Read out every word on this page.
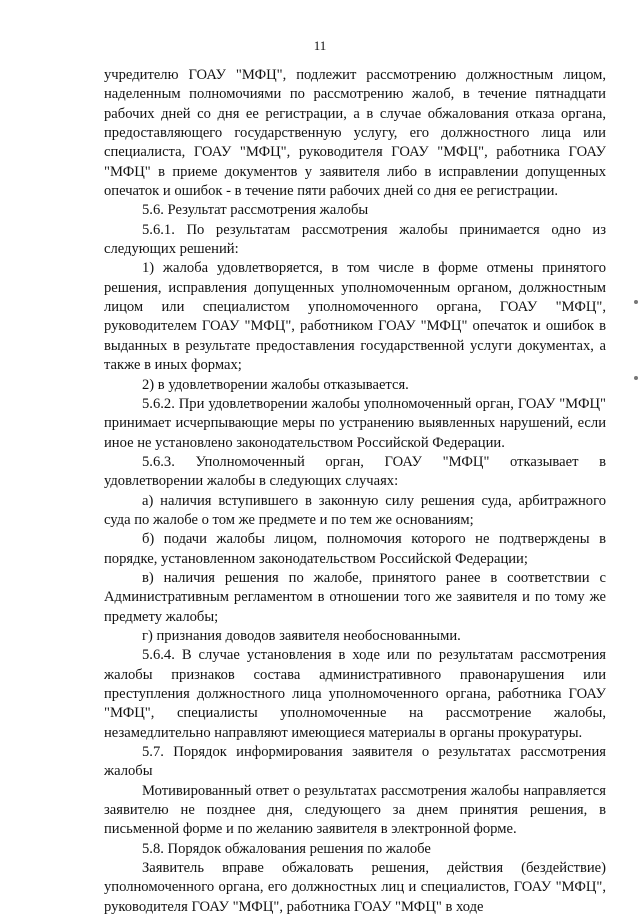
11

учредителю ГОАУ "МФЦ", подлежит рассмотрению должностным лицом, наделенным полномочиями по рассмотрению жалоб, в течение пятнадцати рабочих дней со дня ее регистрации, а в случае обжалования отказа органа, предоставляющего государственную услугу, его должностного лица или специалиста, ГОАУ "МФЦ", руководителя ГОАУ "МФЦ", работника ГОАУ "МФЦ" в приеме документов у заявителя либо в исправлении допущенных опечаток и ошибок - в течение пяти рабочих дней со дня ее регистрации.

5.6. Результат рассмотрения жалобы

5.6.1. По результатам рассмотрения жалобы принимается одно из следующих решений:

1) жалоба удовлетворяется, в том числе в форме отмены принятого решения, исправления допущенных уполномоченным органом, должностным лицом или специалистом уполномоченного органа, ГОАУ "МФЦ", руководителем ГОАУ "МФЦ", работником ГОАУ "МФЦ" опечаток и ошибок в выданных в результате предоставления государственной услуги документах, а также в иных формах;

2) в удовлетворении жалобы отказывается.

5.6.2. При удовлетворении жалобы уполномоченный орган, ГОАУ "МФЦ" принимает исчерпывающие меры по устранению выявленных нарушений, если иное не установлено законодательством Российской Федерации.

5.6.3. Уполномоченный орган, ГОАУ "МФЦ" отказывает в удовлетворении жалобы в следующих случаях:

а) наличия вступившего в законную силу решения суда, арбитражного суда по жалобе о том же предмете и по тем же основаниям;

б) подачи жалобы лицом, полномочия которого не подтверждены в порядке, установленном законодательством Российской Федерации;

в) наличия решения по жалобе, принятого ранее в соответствии с Административным регламентом в отношении того же заявителя и по тому же предмету жалобы;

г) признания доводов заявителя необоснованными.

5.6.4. В случае установления в ходе или по результатам рассмотрения жалобы признаков состава административного правонарушения или преступления должностного лица уполномоченного органа, работника ГОАУ "МФЦ", специалисты уполномоченные на рассмотрение жалобы, незамедлительно направляют имеющиеся материалы в органы прокуратуры.

5.7. Порядок информирования заявителя о результатах рассмотрения жалобы

Мотивированный ответ о результатах рассмотрения жалобы направляется заявителю не позднее дня, следующего за днем принятия решения, в письменной форме и по желанию заявителя в электронной форме.

5.8. Порядок обжалования решения по жалобе

Заявитель вправе обжаловать решения, действия (бездействие) уполномоченного органа, его должностных лиц и специалистов, ГОАУ "МФЦ", руководителя ГОАУ "МФЦ", работника ГОАУ "МФЦ" в ходе
